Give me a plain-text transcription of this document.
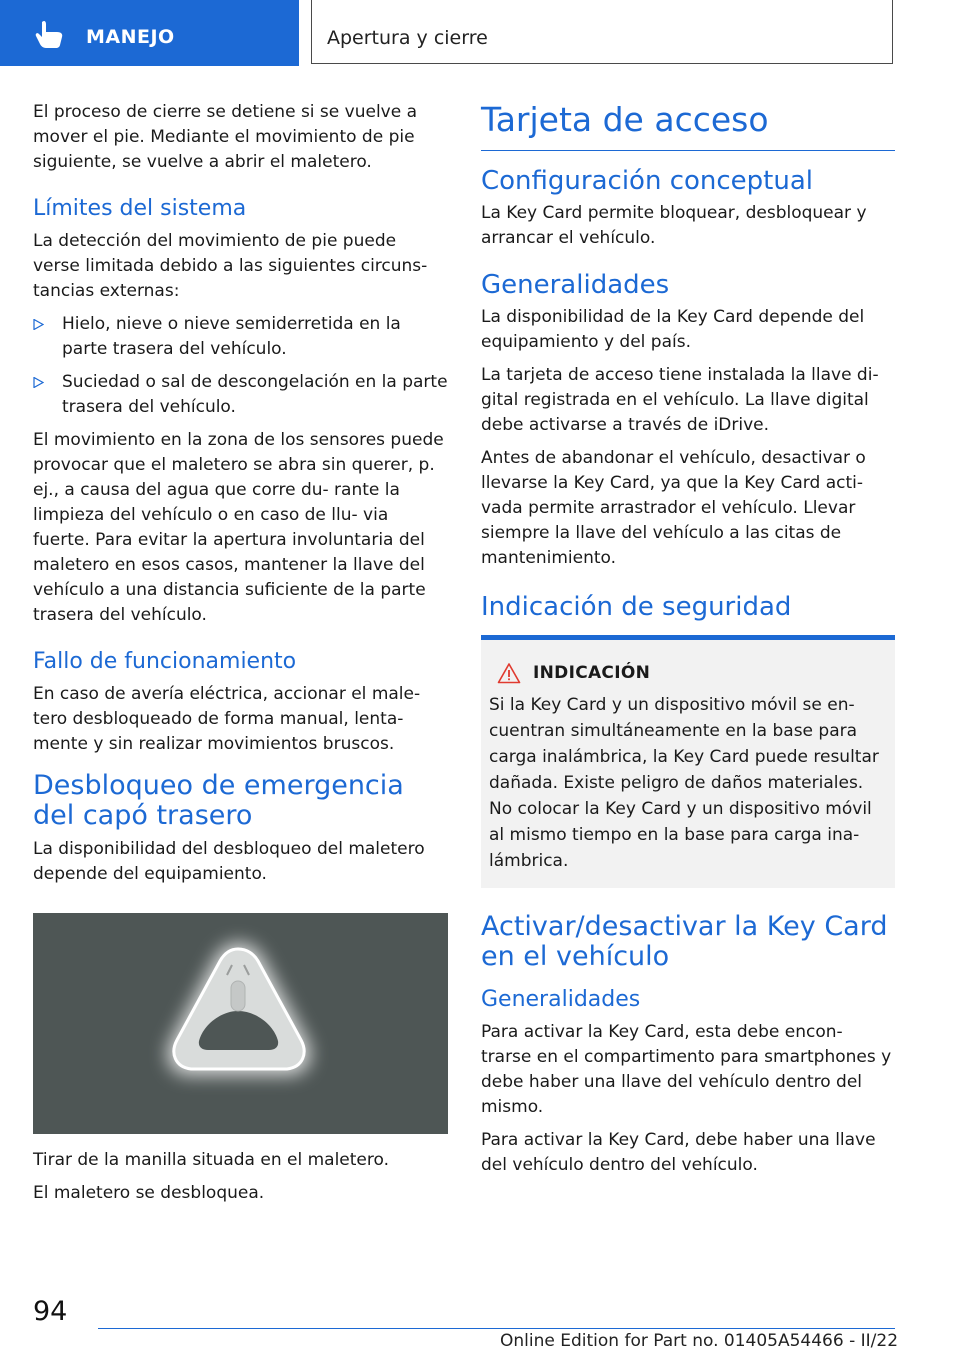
MANEJO	Apertura y cierre

El proceso de cierre se detiene si se vuelve a mover el pie. Mediante el movimiento de pie siguiente, se vuelve a abrir el maletero.

Límites del sistema

La detección del movimiento de pie puede verse limitada debido a las siguientes circuns- tancias externas:

Hielo, nieve o nieve semiderretida en la parte trasera del vehículo.
Suciedad o sal de descongelación en la parte trasera del vehículo.

El movimiento en la zona de los sensores puede provocar que el maletero se abra sin querer, p. ej., a causa del agua que corre du- rante la limpieza del vehículo o en caso de llu- via fuerte. Para evitar la apertura involuntaria del maletero en esos casos, mantener la llave del vehículo a una distancia suficiente de la parte trasera del vehículo.

Fallo de funcionamiento

En caso de avería eléctrica, accionar el male- tero desbloqueado de forma manual, lenta- mente y sin realizar movimientos bruscos.

Desbloqueo de emergencia del capó trasero

La disponibilidad del desbloqueo del maletero depende del equipamiento.

Tirar de la manilla situada en el maletero.

El maletero se desbloquea.

Tarjeta de acceso
Configuración conceptual

La Key Card permite bloquear, desbloquear y arrancar el vehículo.

Generalidades

La disponibilidad de la Key Card depende del equipamiento y del país.

La tarjeta de acceso tiene instalada la llave di- gital registrada en el vehículo. La llave digital debe activarse a través de iDrive.

Antes de abandonar el vehículo, desactivar o llevarse la Key Card, ya que la Key Card acti- vada permite arrastrador el vehículo. Llevar siempre la llave del vehículo a las citas de mantenimiento.

Indicación de seguridad
INDICACIÓN

Si la Key Card y un dispositivo móvil se en- cuentran simultáneamente en la base para carga inalámbrica, la Key Card puede resultar dañada. Existe peligro de daños materiales.

No colocar la Key Card y un dispositivo móvil al mismo tiempo en la base para carga ina- lámbrica.

Activar/desactivar la Key Card en el vehículo
Generalidades

Para activar la Key Card, esta debe encon- trarse en el compartimento para smartphones y debe haber una llave del vehículo dentro del mismo.

Para activar la Key Card, debe haber una llave del vehículo dentro del vehículo.

94
Online Edition for Part no. 01405A54466 - II/22
